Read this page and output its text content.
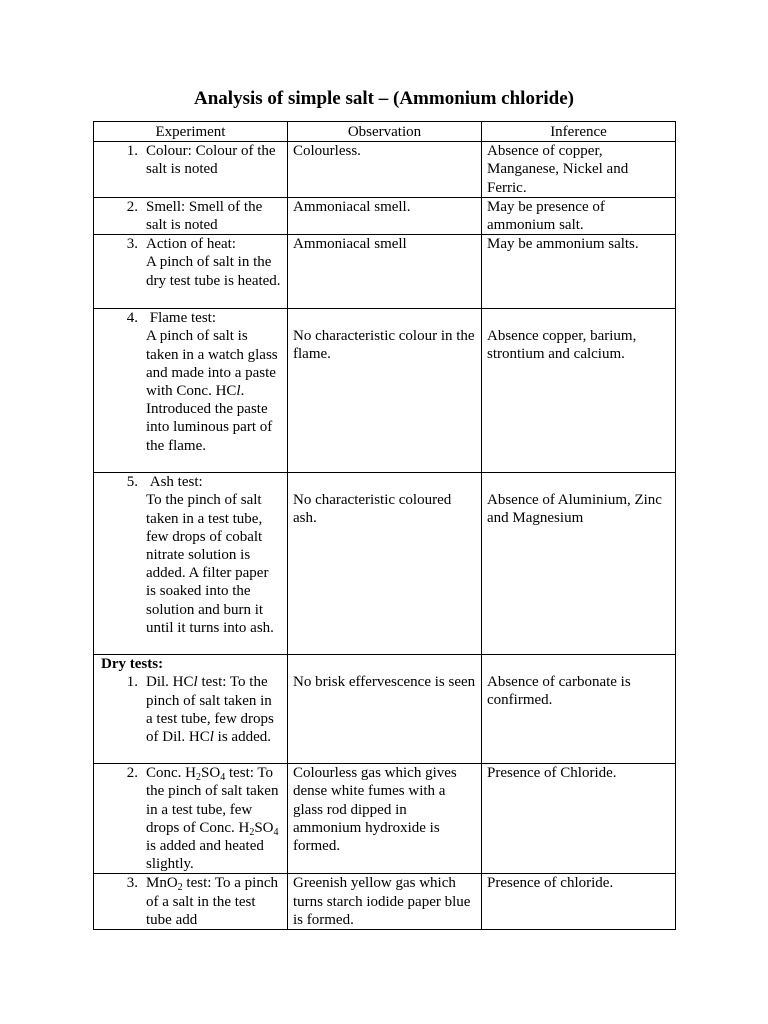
Analysis of simple salt – (Ammonium chloride)
Experiment	Observation	Inference

1. Colour: Colour of the salt is noted	Colourless.	Absence of copper, Manganese, Nickel and Ferric.

2. Smell: Smell of the salt is noted	Ammoniacal smell.	May be presence of ammonium salt.

3. Action of heat:
A pinch of salt in the dry test tube is heated.	Ammoniacal smell	May be ammonium salts.

4. Flame test:
A pinch of salt is taken in a watch glass and made into a paste with Conc. HCl. Introduced the paste into luminous part of the flame.	No characteristic colour in the flame.	Absence copper, barium, strontium and calcium.

5. Ash test:
To the pinch of salt taken in a test tube, few drops of cobalt nitrate solution is added. A filter paper is soaked into the solution and burn it until it turns into ash.	No characteristic coloured ash.	Absence of Aluminium, Zinc and Magnesium

Dry tests:
1. Dil. HCl test: To the pinch of salt taken in a test tube, few drops of Dil. HCl is added.	No brisk effervescence is seen	Absence of carbonate is confirmed.

2. Conc. $H_2SO_4$ test: To the pinch of salt taken in a test tube, few drops of Conc. $H_2SO_4$ is added and heated slightly.	Colourless gas which gives dense white fumes with a glass rod dipped in ammonium hydroxide is formed.	Presence of Chloride.

3. MnO$_2$ test: To a pinch of a salt in the test tube add	Greenish yellow gas which turns starch iodide paper blue is formed.	Presence of chloride.
